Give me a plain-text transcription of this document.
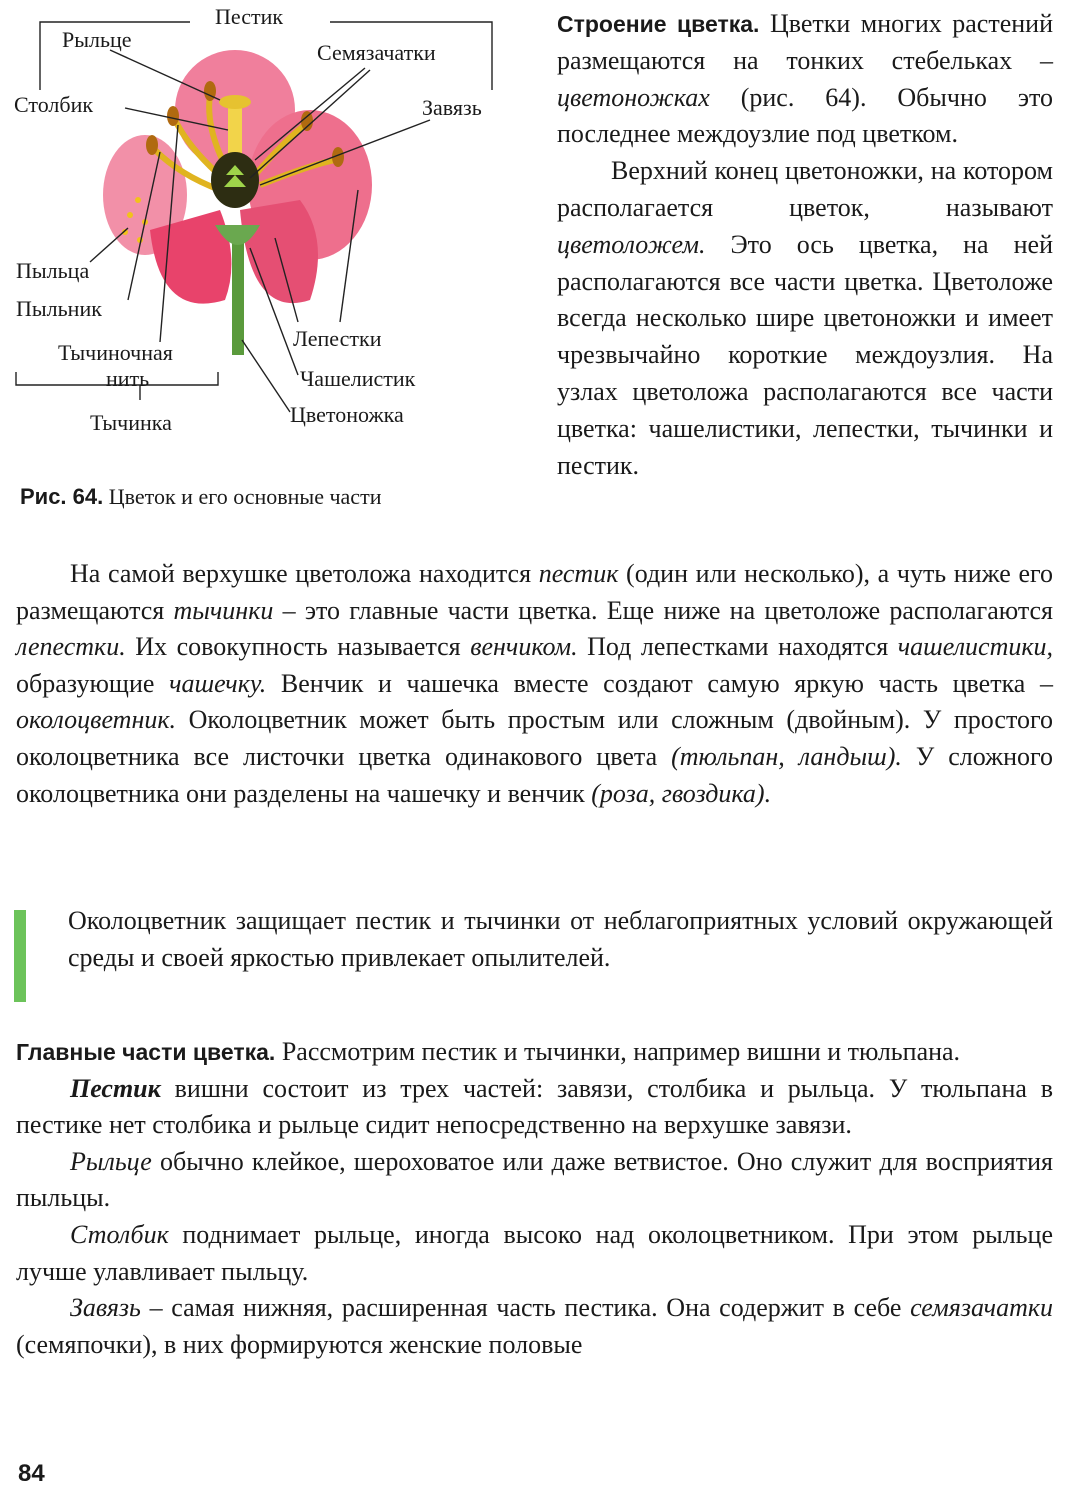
Пестик
Рыльце
Семязачатки
Столбик	Завязь
Пыльца
Пыльник
Тычиночная
нить
Тычинка
Лепестки
Чашелистик
Цветоножка
Рис. 64. Цветок и его основные части

Строение цветка. Цветки многих растений размещаются на тонких стебельках – цветоножках (рис. 64). Обычно это последнее междоузлие под цветком.

Верхний конец цветоножки, на котором располагается цветок, называют цветоложем. Это ось цветка, на ней располагаются все части цветка. Цветоложе всегда несколько шире цветоножки и имеет чрезвычайно короткие междоузлия. На узлах цветоложа располагаются все части цветка: чашелистики, лепестки, тычинки и пестик.

На самой верхушке цветоложа находится пестик (один или несколько), а чуть ниже его размещаются тычинки – это главные части цветка. Еще ниже на цветоложе располагаются лепестки. Их совокупность называется венчиком. Под лепестками находятся чашелистики, образующие чашечку. Венчик и чашечка вместе создают самую яркую часть цветка – околоцветник. Околоцветник может быть простым или сложным (двойным). У простого околоцветника все листочки цветка одинакового цвета (тюльпан, ландыш). У сложного околоцветника они разделены на чашечку и венчик (роза, гвоздика).

Околоцветник защищает пестик и тычинки от неблагоприятных условий окружающей среды и своей яркостью привлекает опылителей.

Главные части цветка. Рассмотрим пестик и тычинки, например вишни и тюльпана.

Пестик вишни состоит из трех частей: завязи, столбика и рыльца. У тюльпана в пестике нет столбика и рыльце сидит непосредственно на верхушке завязи.

Рыльце обычно клейкое, шероховатое или даже ветвистое. Оно служит для восприятия пыльцы.

Столбик поднимает рыльце, иногда высоко над околоцветником. При этом рыльце лучше улавливает пыльцу.

Завязь – самая нижняя, расширенная часть пестика. Она содержит в себе семязачатки (семяпочки), в них формируются женские половые

84
